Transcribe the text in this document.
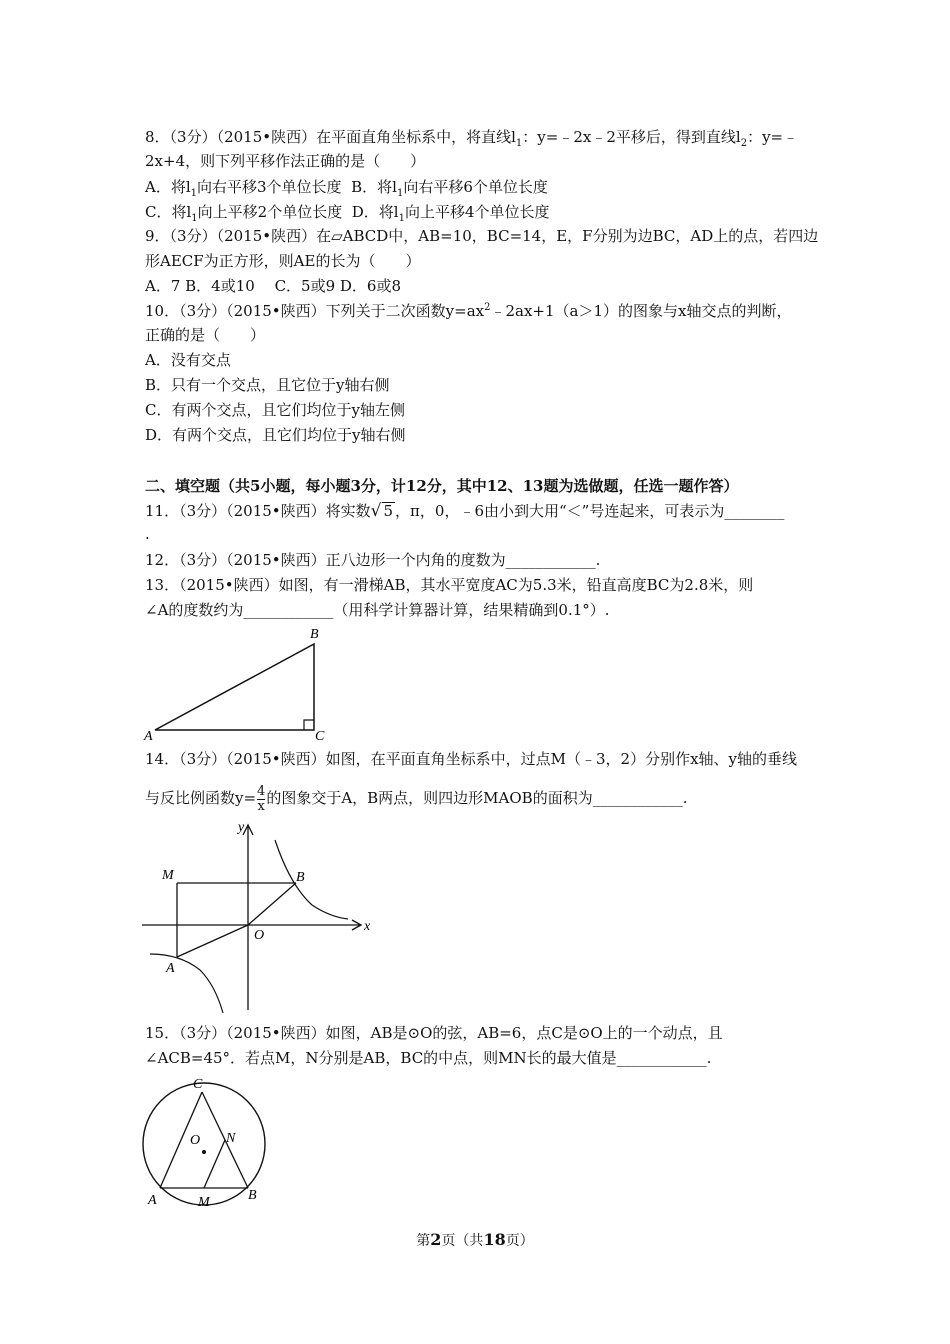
8．（3分）（2015•陕西）在平面直角坐标系中，将直线$l_1$：y=﹣2x﹣2平移后，得到直线$l_2$：y=﹣
2x+4，则下列平移作法正确的是（　　）
A．将$l_1$向右平移3个单位长度 B．将$l_1$向右平移6个单位长度
C．将$l_1$向上平移2个单位长度 D．将$l_1$向上平移4个单位长度
9．（3分）（2015•陕西）在▱ABCD中，AB=10，BC=14，E，F分别为边BC，AD上的点，若四边
形AECF为正方形，则AE的长为（　　）
A．7 B．4或10　 C．5或9 D．6或8
10．（3分）（2015•陕西）下列关于二次函数$y=ax^2﹣2ax+1(a>1)$的图象与x轴交点的判断，
正确的是（　　）
A．没有交点
B．只有一个交点，且它位于y轴右侧
C．有两个交点，且它们均位于y轴左侧
D．有两个交点，且它们均位于y轴右侧
二、填空题（共5小题，每小题3分，计12分，其中12、13题为选做题，任选一题作答）
11．（3分）（2015•陕西）将实数√ 5 ，π，0，﹣6由小到大用“＜”号连起来，可表示为________
.
12．（3分）（2015•陕西）正八边形一个内角的度数为____________.
13．（2015•陕西）如图，有一滑梯AB，其水平宽度AC为5.3米，铅直高度BC为2.8米，则
∠A的度数约为____________（用科学计算器计算，结果精确到0.1°）.
A
B
C
14．（3分）（2015•陕西）如图，在平面直角坐标系中，过点M（﹣3，2）分别作x轴、y轴的垂线
与反比例函数$y= \frac{4}{x}$ 的图象交于A，B两点，则四边形MAOB的面积为____________.
y
x
M	B
O
A
15．（3分）（2015•陕西）如图，AB是⊙O的弦，AB=6，点C是⊙O上的一个动点，且
∠ACB=45°．若点M，N分别是AB，BC的中点，则MN长的最大值是____________.
C
O N
A	M	B
第2页（共18页）
